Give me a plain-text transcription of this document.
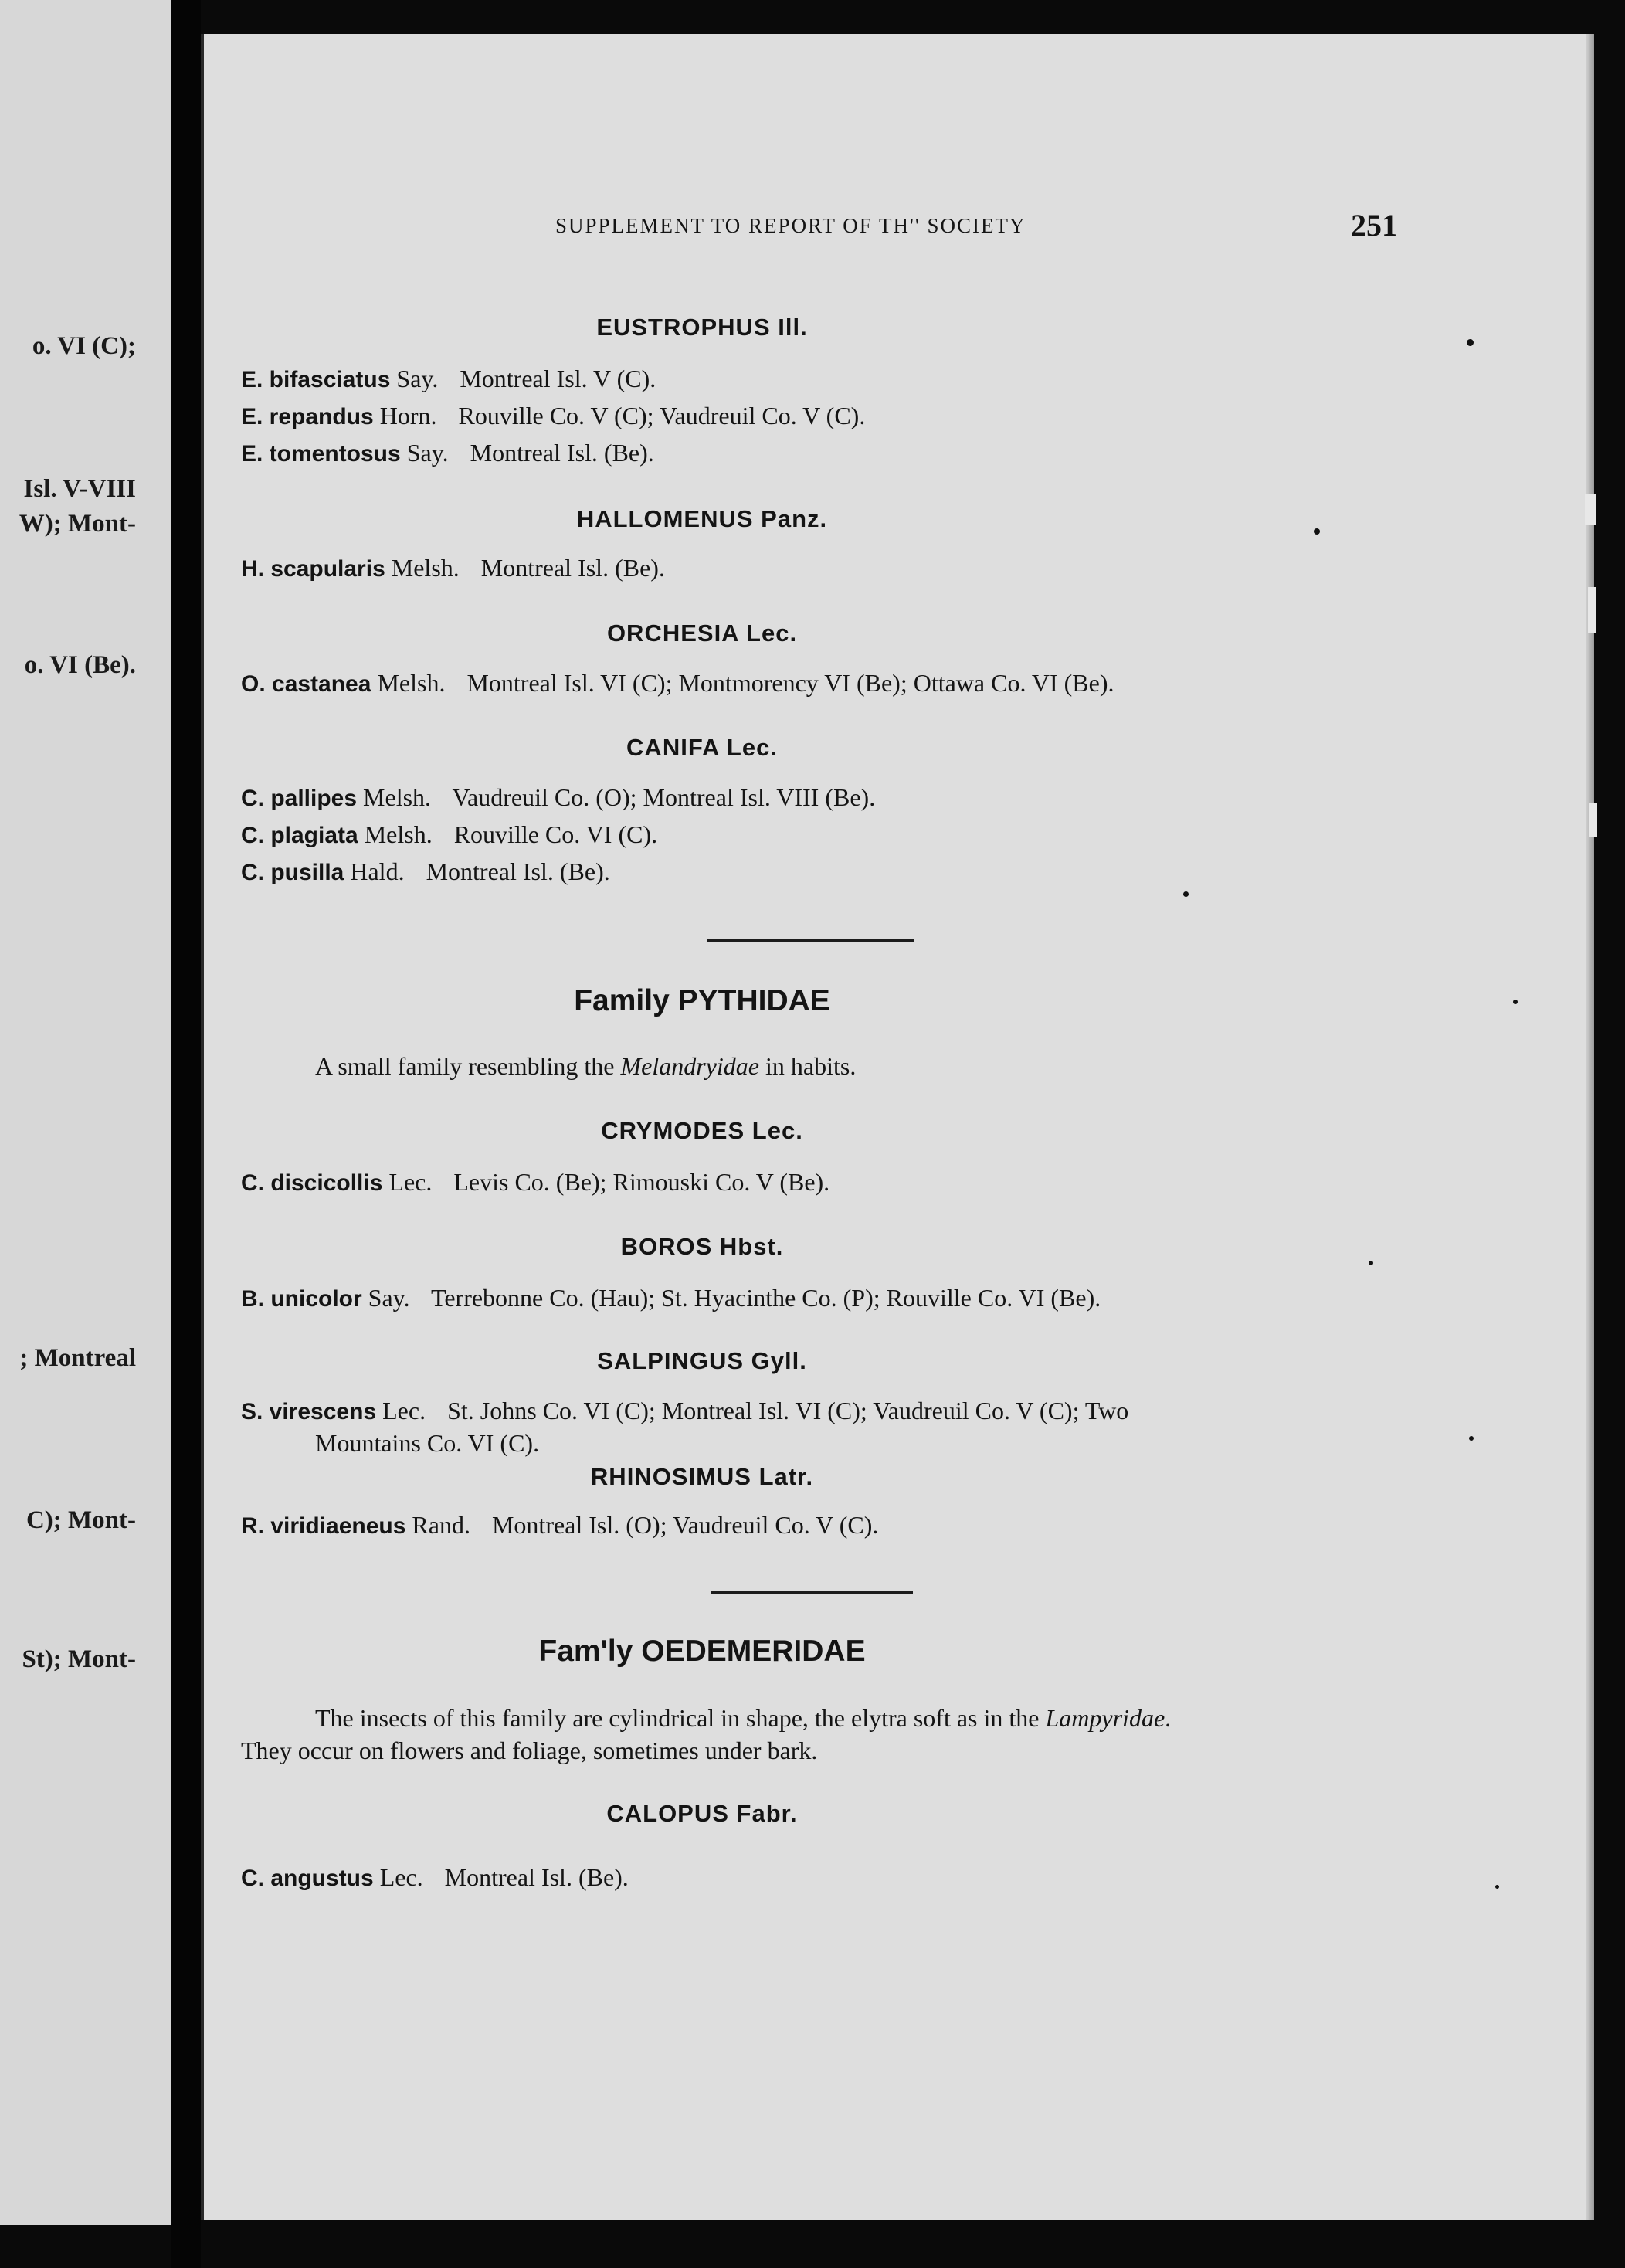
o. VI (C);
Isl. V-VIII
W); Mont-
o. VI (Be).
; Montreal
C); Mont-
St); Mont-
SUPPLEMENT TO REPORT OF TH'' SOCIETY	251
EUSTROPHUS Ill.
E. bifasciatus Say. Montreal Isl. V (C).
E. repandus Horn. Rouville Co. V (C); Vaudreuil Co. V (C).
E. tomentosus Say. Montreal Isl. (Be).
HALLOMENUS Panz.
H. scapularis Melsh. Montreal Isl. (Be).
ORCHESIA Lec.
O. castanea Melsh. Montreal Isl. VI (C); Montmorency VI (Be); Ottawa Co. VI (Be).
CANIFA Lec.
C. pallipes Melsh. Vaudreuil Co. (O); Montreal Isl. VIII (Be).
C. plagiata Melsh. Rouville Co. VI (C).
C. pusilla Hald. Montreal Isl. (Be).
Family PYTHIDAE
A small family resembling the Melandryidae in habits.
CRYMODES Lec.
C. discicollis Lec. Levis Co. (Be); Rimouski Co. V (Be).
BOROS Hbst.
B. unicolor Say. Terrebonne Co. (Hau); St. Hyacinthe Co. (P); Rouville Co. VI (Be).
SALPINGUS Gyll.
S. virescens Lec. St. Johns Co. VI (C); Montreal Isl. VI (C); Vaudreuil Co. V (C); Two
Mountains Co. VI (C).
RHINOSIMUS Latr.
R. viridiaeneus Rand. Montreal Isl. (O); Vaudreuil Co. V (C).
Fam'ly OEDEMERIDAE
The insects of this family are cylindrical in shape, the elytra soft as in the Lampyridae.
They occur on flowers and foliage, sometimes under bark.
CALOPUS Fabr.
C. angustus Lec. Montreal Isl. (Be).
